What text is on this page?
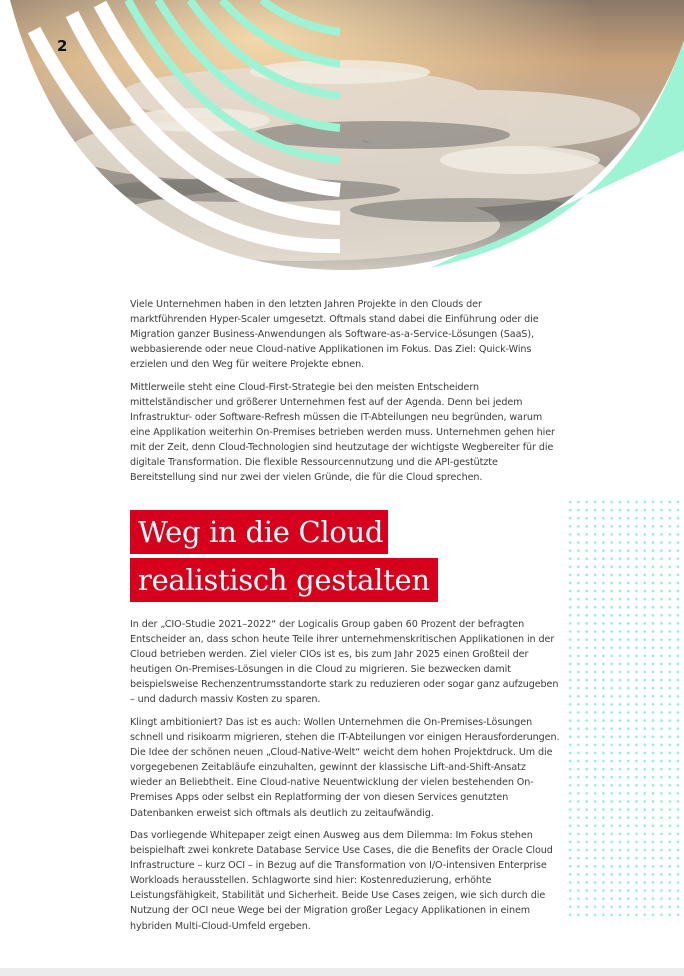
2

Viele Unternehmen haben in den letzten Jahren Projekte in den Clouds der marktführenden Hyper-Scaler umgesetzt. Oftmals stand dabei die Einführung oder die Migration ganzer Business-Anwendungen als Software-as-a-Service-Lösungen (SaaS), webbasierende oder neue Cloud-native Applikationen im Fokus. Das Ziel: Quick-Wins erzielen und den Weg für weitere Projekte ebnen.

Mittlerweile steht eine Cloud-First-Strategie bei den meisten Entscheidern mittelständischer und größerer Unternehmen fest auf der Agenda. Denn bei jedem Infrastruktur- oder Software-Refresh müssen die IT-Abteilungen neu begründen, warum eine Applikation weiterhin On-Premises betrieben werden muss. Unternehmen gehen hier mit der Zeit, denn Cloud-Technologien sind heutzutage der wichtigste Wegbereiter für die digitale Transformation. Die flexible Ressourcennutzung und die API-gestützte Bereitstellung sind nur zwei der vielen Gründe, die für die Cloud sprechen.

Weg in die Cloud
realistisch gestalten

In der „CIO-Studie 2021–2022“ der Logicalis Group gaben 60 Prozent der befragten Entscheider an, dass schon heute Teile ihrer unternehmenskritischen Applikationen in der Cloud betrieben werden. Ziel vieler CIOs ist es, bis zum Jahr 2025 einen Großteil der heutigen On-Premises-Lösungen in die Cloud zu migrieren. Sie bezwecken damit beispielsweise Rechenzentrumsstandorte stark zu reduzieren oder sogar ganz aufzugeben – und dadurch massiv Kosten zu sparen.

Klingt ambitioniert? Das ist es auch: Wollen Unternehmen die On-Premises-Lösungen schnell und risikoarm migrieren, stehen die IT-Abteilungen vor einigen Herausforderungen. Die Idee der schönen neuen „Cloud-Native-Welt“ weicht dem hohen Projektdruck. Um die vorgegebenen Zeitabläufe einzuhalten, gewinnt der klassische Lift-and-Shift-Ansatz wieder an Beliebtheit. Eine Cloud-native Neuentwicklung der vielen bestehenden On-Premises Apps oder selbst ein Replatforming der von diesen Services genutzten Datenbanken erweist sich oftmals als deutlich zu zeitaufwändig.

Das vorliegende Whitepaper zeigt einen Ausweg aus dem Dilemma: Im Fokus stehen beispielhaft zwei konkrete Database Service Use Cases, die die Benefits der Oracle Cloud Infrastructure – kurz OCI – in Bezug auf die Transformation von I/O-intensiven Enterprise Workloads herausstellen. Schlagworte sind hier: Kostenreduzierung, erhöhte Leistungsfähigkeit, Stabilität und Sicherheit. Beide Use Cases zeigen, wie sich durch die Nutzung der OCI neue Wege bei der Migration großer Legacy Applikationen in einem hybriden Multi-Cloud-Umfeld ergeben.
